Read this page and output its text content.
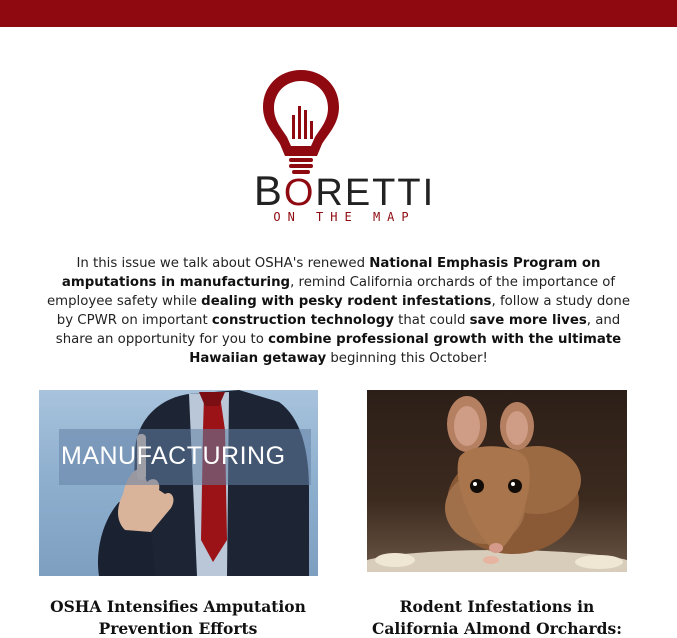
BORETTI
ON THE MAP
In this issue we talk about OSHA's renewed National Emphasis Program on amputations in manufacturing, remind California orchards of the importance of employee safety while dealing with pesky rodent infestations, follow a study done by CPWR on important construction technology that could save more lives, and share an opportunity for you to combine professional growth with the ultimate Hawaiian getaway beginning this October!
MANUFACTURING
OSHA Intensifies Amputation
Prevention Efforts
Rodent Infestations in
California Almond Orchards:
